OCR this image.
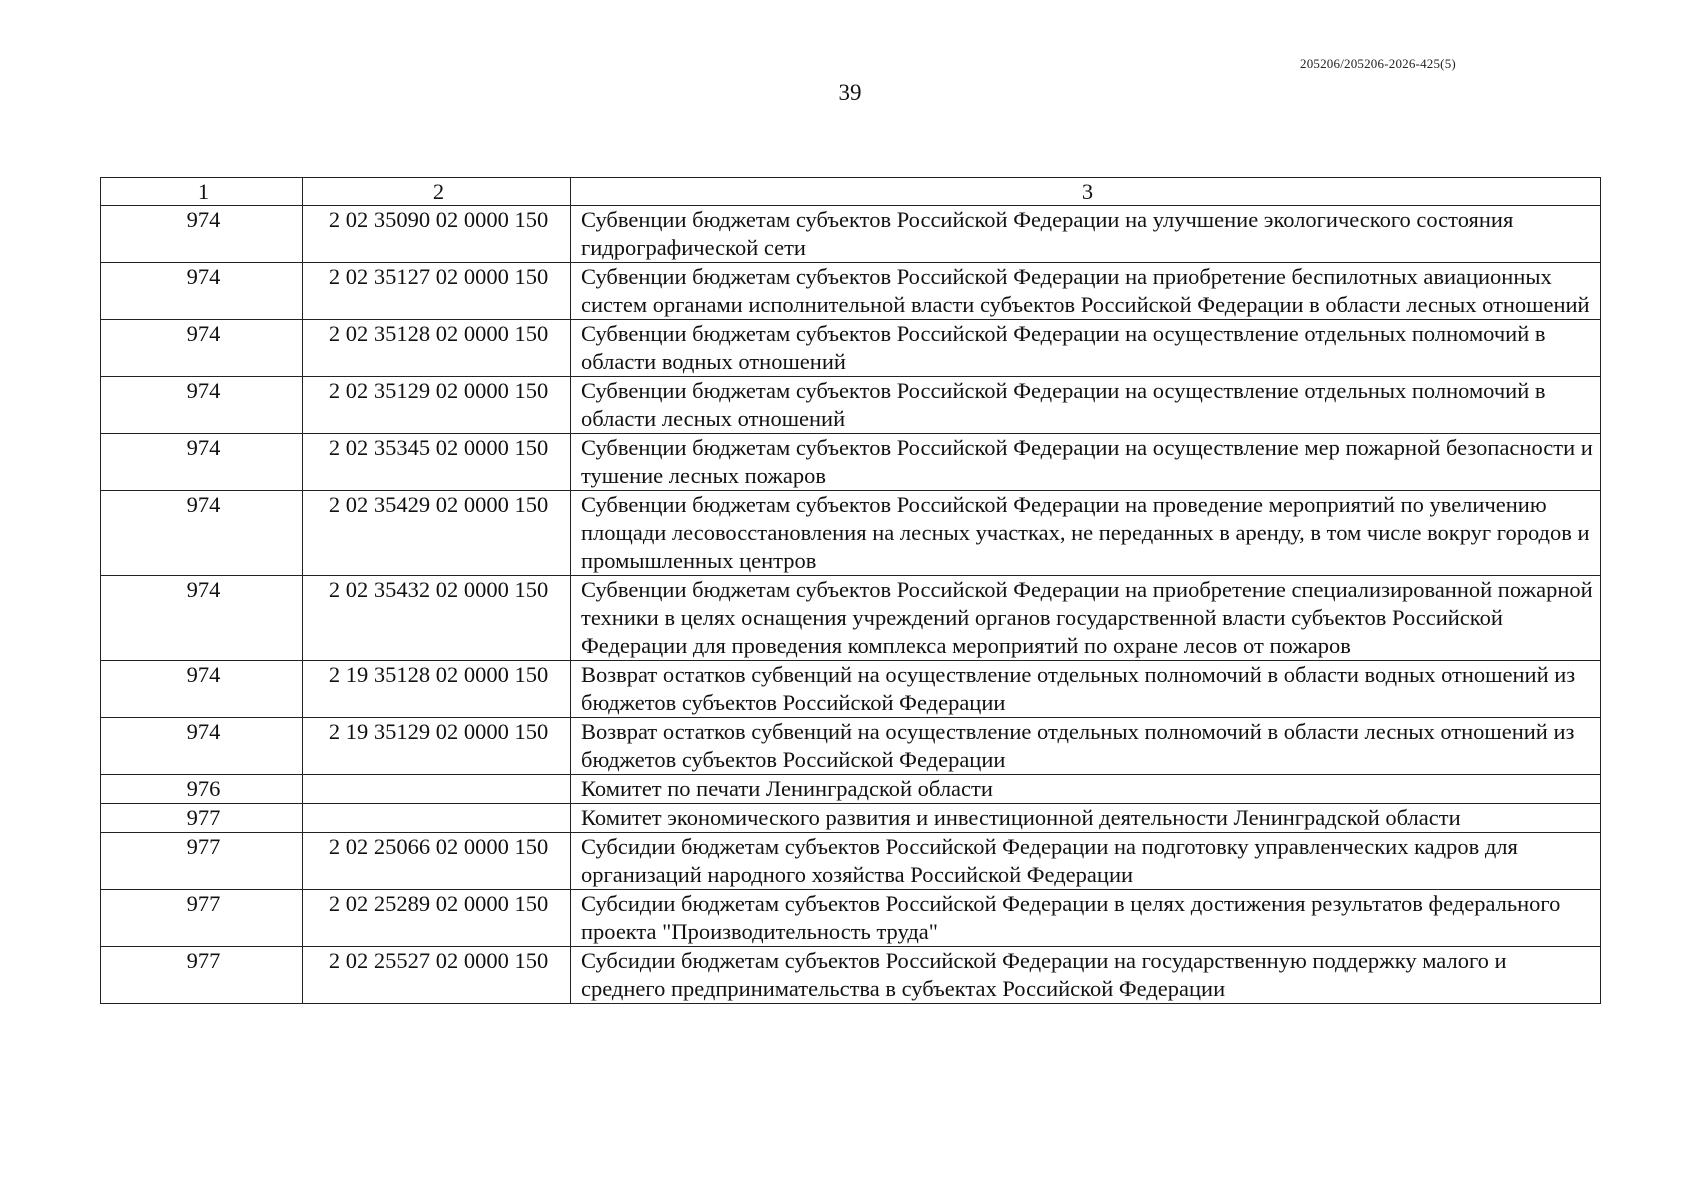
205206/205206-2026-425(5)
39
1	2	3
974	2 02 35090 02 0000 150	Субвенции бюджетам субъектов Российской Федерации на улучшение экологического состояния гидрографической сети
974	2 02 35127 02 0000 150	Субвенции бюджетам субъектов Российской Федерации на приобретение беспилотных авиационных систем органами исполнительной власти субъектов Российской Федерации в области лесных отношений
974	2 02 35128 02 0000 150	Субвенции бюджетам субъектов Российской Федерации на осуществление отдельных полномочий в области водных отношений
974	2 02 35129 02 0000 150	Субвенции бюджетам субъектов Российской Федерации на осуществление отдельных полномочий в области лесных отношений
974	2 02 35345 02 0000 150	Субвенции бюджетам субъектов Российской Федерации на осуществление мер пожарной безопасности и тушение лесных пожаров
974	2 02 35429 02 0000 150	Субвенции бюджетам субъектов Российской Федерации на проведение мероприятий по увеличению площади лесовосстановления на лесных участках, не переданных в аренду, в том числе вокруг городов и промышленных центров
974	2 02 35432 02 0000 150	Субвенции бюджетам субъектов Российской Федерации на приобретение специализированной пожарной техники в целях оснащения учреждений органов государственной власти субъектов Российской Федерации для проведения комплекса мероприятий по охране лесов от пожаров
974	2 19 35128 02 0000 150	Возврат остатков субвенций на осуществление отдельных полномочий в области водных отношений из бюджетов субъектов Российской Федерации
974	2 19 35129 02 0000 150	Возврат остатков субвенций на осуществление отдельных полномочий в области лесных отношений из бюджетов субъектов Российской Федерации
976		Комитет по печати Ленинградской области
977		Комитет экономического развития и инвестиционной деятельности Ленинградской области
977	2 02 25066 02 0000 150	Субсидии бюджетам субъектов Российской Федерации на подготовку управленческих кадров для организаций народного хозяйства Российской Федерации
977	2 02 25289 02 0000 150	Субсидии бюджетам субъектов Российской Федерации в целях достижения результатов федерального проекта "Производительность труда"
977	2 02 25527 02 0000 150	Субсидии бюджетам субъектов Российской Федерации на государственную поддержку малого и среднего предпринимательства в субъектах Российской Федерации
